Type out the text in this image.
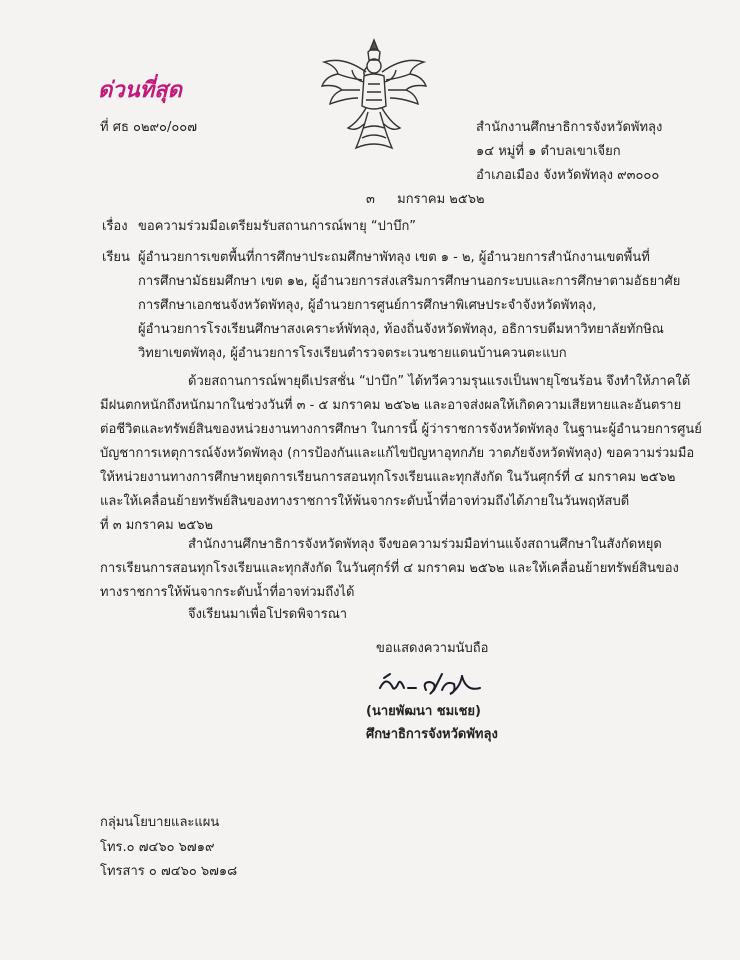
ด่วนที่สุด
ที่ ศธ ๐๒๙๐/๐๐๗	สำนักงานศึกษาธิการจังหวัดพัทลุง
๑๔ หมู่ที่ ๑ ตำบลเขาเจียก
อำเภอเมือง จังหวัดพัทลุง ๙๓๐๐๐
๓ มกราคม ๒๕๖๒
เรื่อง ขอความร่วมมือเตรียมรับสถานการณ์พายุ “ปาบึก”
เรียน ผู้อำนวยการเขตพื้นที่การศึกษาประถมศึกษาพัทลุง เขต ๑ - ๒, ผู้อำนวยการสำนักงานเขตพื้นที่
การศึกษามัธยมศึกษา เขต ๑๒, ผู้อำนวยการส่งเสริมการศึกษานอกระบบและการศึกษาตามอัธยาศัย
การศึกษาเอกชนจังหวัดพัทลุง, ผู้อำนวยการศูนย์การศึกษาพิเศษประจำจังหวัดพัทลุง,
ผู้อำนวยการโรงเรียนศึกษาสงเคราะห์พัทลุง, ท้องถิ่นจังหวัดพัทลุง, อธิการบดีมหาวิทยาลัยทักษิณ
วิทยาเขตพัทลุง, ผู้อำนวยการโรงเรียนตำรวจตระเวนชายแดนบ้านควนตะแบก
ด้วยสถานการณ์พายุดีเปรสชั่น “ปาบึก” ได้ทวีความรุนแรงเป็นพายุโซนร้อน จึงทำให้ภาคใต้
มีฝนตกหนักถึงหนักมากในช่วงวันที่ ๓ - ๕ มกราคม ๒๕๖๒ และอาจส่งผลให้เกิดความเสียหายและอันตราย
ต่อชีวิตและทรัพย์สินของหน่วยงานทางการศึกษา ในการนี้ ผู้ว่าราชการจังหวัดพัทลุง ในฐานะผู้อำนวยการศูนย์
บัญชาการเหตุการณ์จังหวัดพัทลุง (การป้องกันและแก้ไขปัญหาอุทกภัย วาตภัยจังหวัดพัทลุง) ขอความร่วมมือ
ให้หน่วยงานทางการศึกษาหยุดการเรียนการสอนทุกโรงเรียนและทุกสังกัด ในวันศุกร์ที่ ๔ มกราคม ๒๕๖๒
และให้เคลื่อนย้ายทรัพย์สินของทางราชการให้พ้นจากระดับน้ำที่อาจท่วมถึงได้ภายในวันพฤหัสบดี
ที่ ๓ มกราคม ๒๕๖๒
สำนักงานศึกษาธิการจังหวัดพัทลุง จึงขอความร่วมมือท่านแจ้งสถานศึกษาในสังกัดหยุด
การเรียนการสอนทุกโรงเรียนและทุกสังกัด ในวันศุกร์ที่ ๔ มกราคม ๒๕๖๒ และให้เคลื่อนย้ายทรัพย์สินของ
ทางราชการให้พ้นจากระดับน้ำที่อาจท่วมถึงได้
จึงเรียนมาเพื่อโปรดพิจารณา
ขอแสดงความนับถือ
(นายพัฒนา ชมเชย)
ศึกษาธิการจังหวัดพัทลุง
กลุ่มนโยบายและแผน
โทร.๐ ๗๔๖๐ ๖๗๑๙
โทรสาร ๐ ๗๔๖๐ ๖๗๑๘
